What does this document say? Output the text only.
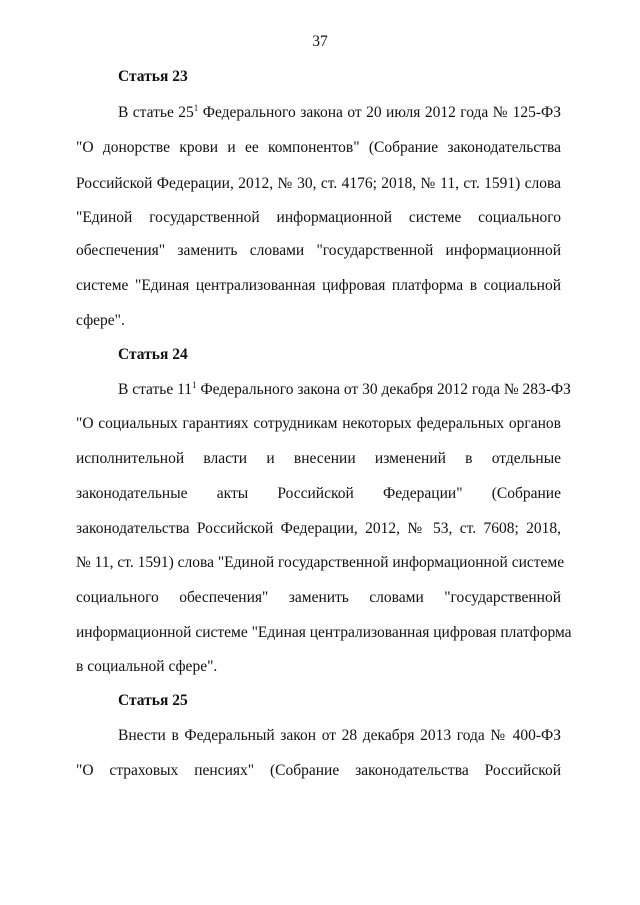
37
Статья 23
В статье $25^1$ Федерального закона от 20 июля 2012 года № 125-ФЗ
"О донорстве крови и ее компонентов" (Собрание законодательства
Российской Федерации, 2012, № 30, ст. 4176; 2018, № 11, ст. 1591) слова
"Единой государственной информационной системе социального
обеспечения" заменить словами "государственной информационной
системе "Единая централизованная цифровая платформа в социальной
сфере".
Статья 24
В статье $11^1$ Федерального закона от 30 декабря 2012 года № 283-ФЗ
"О социальных гарантиях сотрудникам некоторых федеральных органов
исполнительной власти и внесении изменений в отдельные
законодательные акты Российской Федерации" (Собрание
законодательства Российской Федерации, 2012, № 53, ст. 7608; 2018,
№ 11, ст. 1591) слова "Единой государственной информационной системе
социального обеспечения" заменить словами "государственной
информационной системе "Единая централизованная цифровая платформа
в социальной сфере".
Статья 25
Внести в Федеральный закон от 28 декабря 2013 года № 400-ФЗ
"О страховых пенсиях" (Собрание законодательства Российской
